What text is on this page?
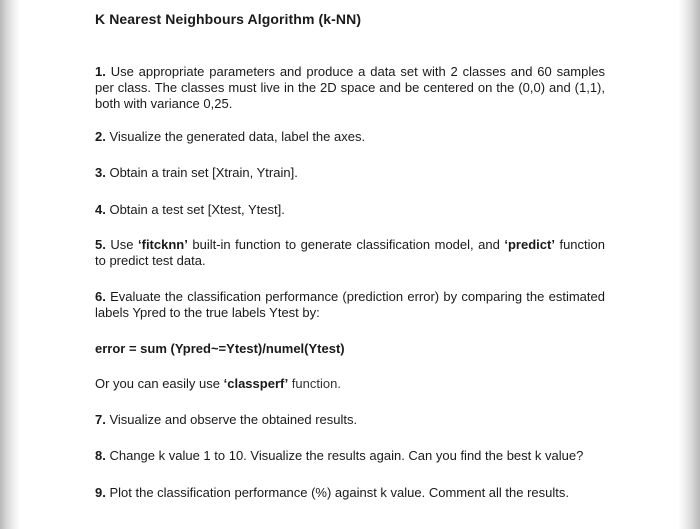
K Nearest Neighbours Algorithm (k-NN)

1. Use appropriate parameters and produce a data set with 2 classes and 60 samples per class. The classes must live in the 2D space and be centered on the (0,0) and (1,1), both with variance 0,25.

2. Visualize the generated data, label the axes.

3. Obtain a train set [Xtrain, Ytrain].

4. Obtain a test set [Xtest, Ytest].

5. Use ‘fitcknn’ built-in function to generate classification model, and ‘predict’ function to predict test data.

6. Evaluate the classification performance (prediction error) by comparing the estimated labels Ypred to the true labels Ytest by:

error = sum (Ypred~=Ytest)/numel(Ytest)

Or you can easily use ‘classperf’ function.

7. Visualize and observe the obtained results.

8. Change k value 1 to 10. Visualize the results again. Can you find the best k value?

9. Plot the classification performance (%) against k value. Comment all the results.
